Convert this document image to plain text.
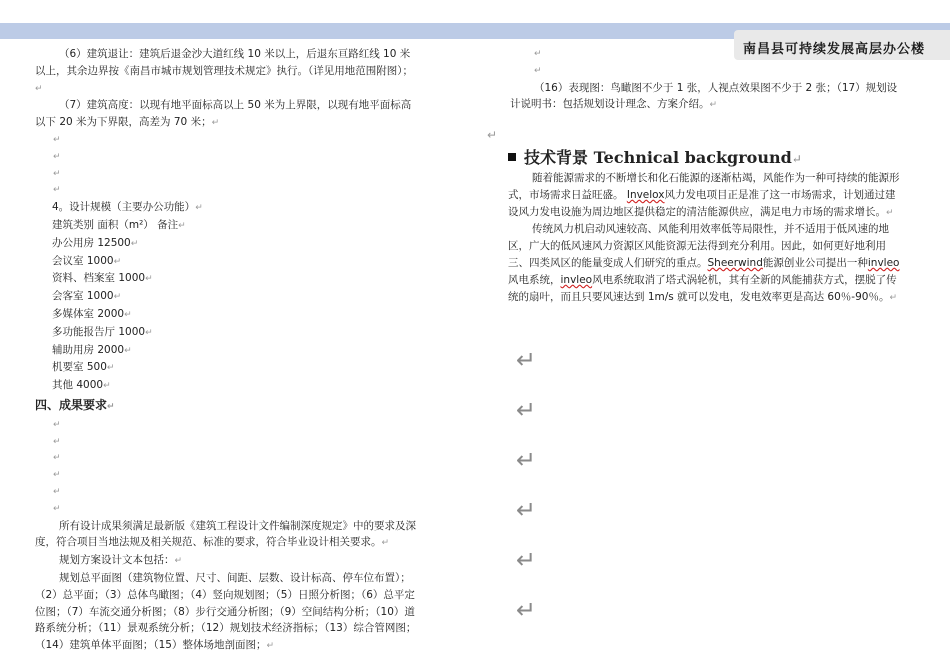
南昌县可持续发展高层办公楼

（6）建筑退让：建筑后退金沙大道红线 10 米以上，后退东亘路红线 10 米以上，其余边界按《南昌市城市规划管理技术规定》执行。（详见用地范围附图）；↵

（7）建筑高度：以现有地平面标高以上 50 米为上界限，以现有地平面标高以下 20 米为下界限，高差为 70 米；↵

↵
↵
↵
↵

4。设计规模（主要办公功能）↵

建筑类别 面积（m²） 备注↵

办公用房 12500↵

会议室 1000↵

资料、档案室 1000↵

会客室 1000↵

多媒体室 2000↵

多功能报告厅 1000↵

辅助用房 2000↵

机要室 500↵

其他 4000↵

四、成果要求↵

↵
↵
↵
↵
↵
↵

所有设计成果须满足最新版《建筑工程设计文件编制深度规定》中的要求及深度，符合项目当地法规及相关规范、标准的要求，符合毕业设计相关要求。↵

规划方案设计文本包括：↵

规划总平面图（建筑物位置、尺寸、间距、层数、设计标高、停车位布置）；（2）总平面；（3）总体鸟瞰图；（4）竖向规划图；（5）日照分析图；（6）总平定位图；（7）车流交通分析图；（8）步行交通分析图；（9）空间结构分析；（10）道路系统分析；（11）景观系统分析；（12）规划技术经济指标；（13）综合管网图；（14）建筑单体平面图；（15）整体场地剖面图；↵

↵
↵

（16）表现图：鸟瞰图不少于 1 张，人视点效果图不少于 2 张；（17）规划设计说明书：包括规划设计理念、方案介绍。↵

↵

技术背景 Technical background↵

随着能源需求的不断增长和化石能源的逐渐枯竭，风能作为一种可持续的能源形式，市场需求日益旺盛。 Invelox风力发电项目正是准了这一市场需求，计划通过建设风力发电设施为周边地区提供稳定的清洁能源供应，满足电力市场的需求增长。↵

传统风力机启动风速较高、风能利用效率低等局限性，并不适用于低风速的地区，广大的低风速风力资源区风能资源无法得到充分利用。因此，如何更好地利用三、四类风区的能量变成人们研究的重点。Sheerwind能源创业公司提出一种invleo风电系统，invleo风电系统取消了塔式涡轮机，其有全新的风能捕获方式，摆脱了传统的扇叶，而且只要风速达到 1m/s 就可以发电，发电效率更是高达 60％-90％。↵

↵
↵
↵
↵
↵
↵
